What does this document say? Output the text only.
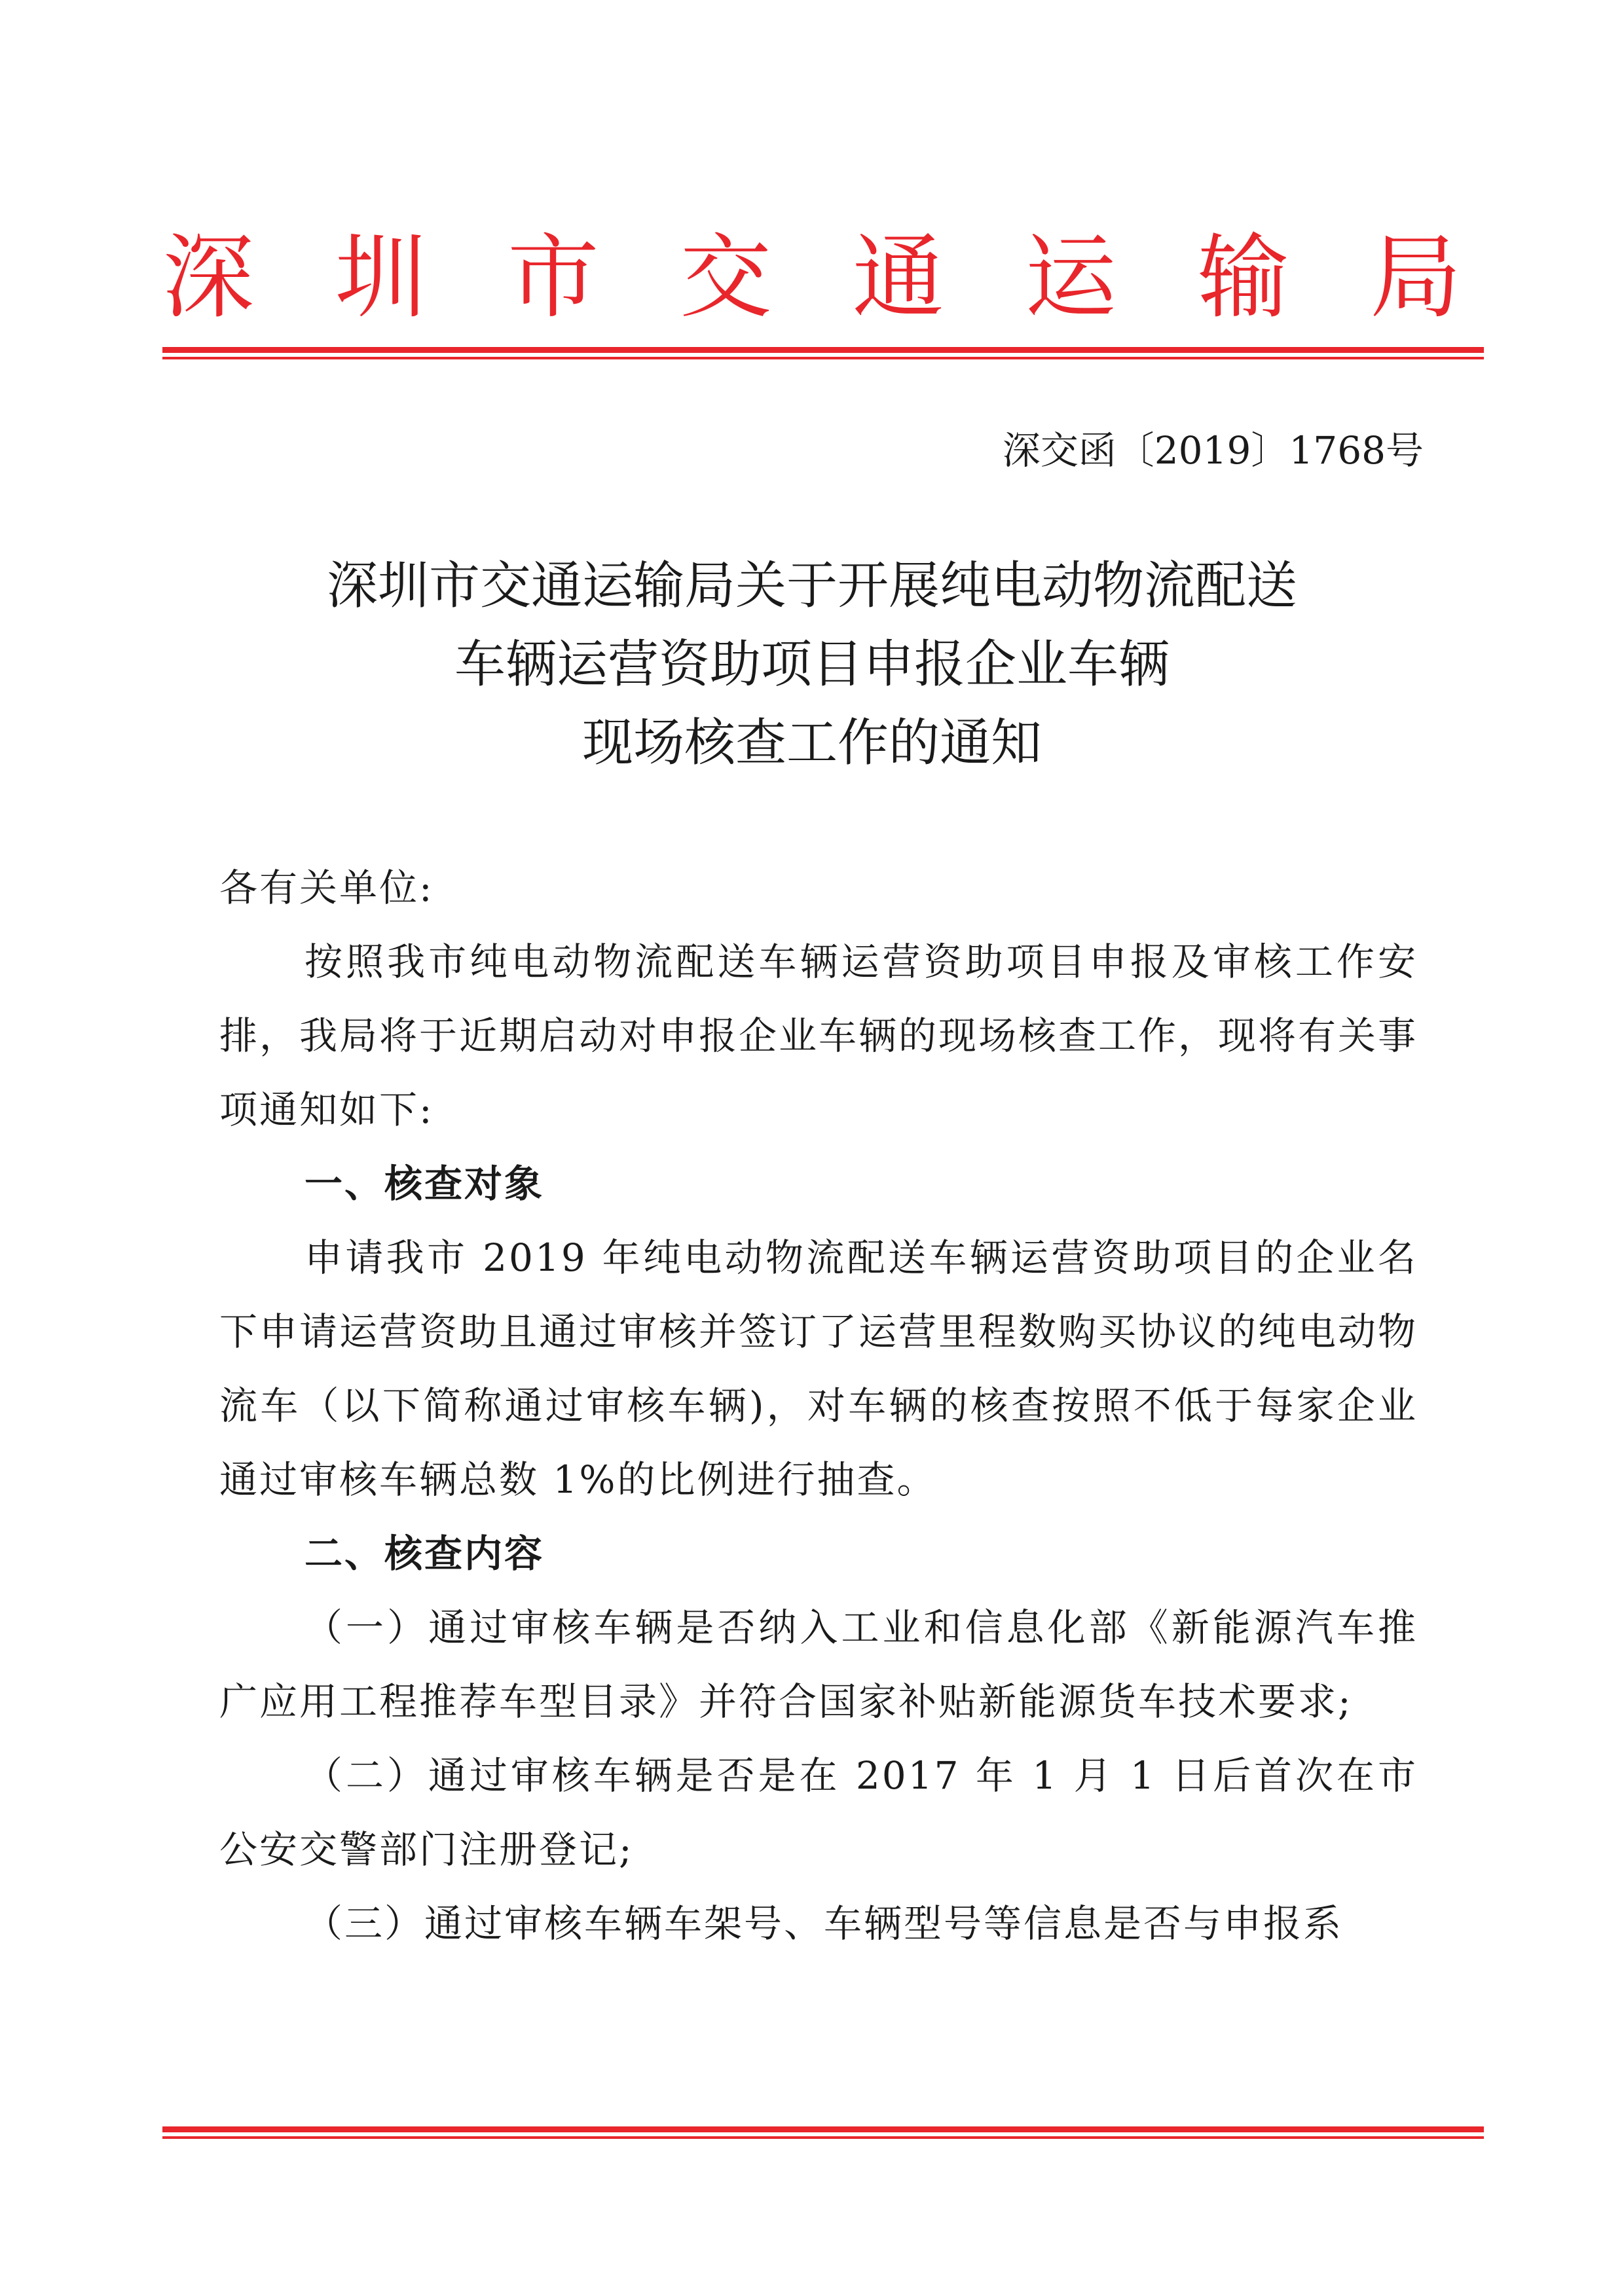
深 圳 市 交 通 运 输 局
深交函〔2019〕1768号
深圳市交通运输局关于开展纯电动物流配送
车辆运营资助项目申报企业车辆
现场核查工作的通知

各有关单位:

按照我市纯电动物流配送车辆运营资助项目申报及审核工作安排，我局将于近期启动对申报企业车辆的现场核查工作，现将有关事项通知如下:

一、核查对象

申请我市 2019 年纯电动物流配送车辆运营资助项目的企业名下申请运营资助且通过审核并签订了运营里程数购买协议的纯电动物流车（以下简称通过审核车辆)，对车辆的核查按照不低于每家企业通过审核车辆总数 1%的比例进行抽查。

二、核查内容

（一）通过审核车辆是否纳入工业和信息化部《新能源汽车推广应用工程推荐车型目录》并符合国家补贴新能源货车技术要求;

（二）通过审核车辆是否是在 2017 年 1 月 1 日后首次在市公安交警部门注册登记;

（三）通过审核车辆车架号、车辆型号等信息是否与申报系
